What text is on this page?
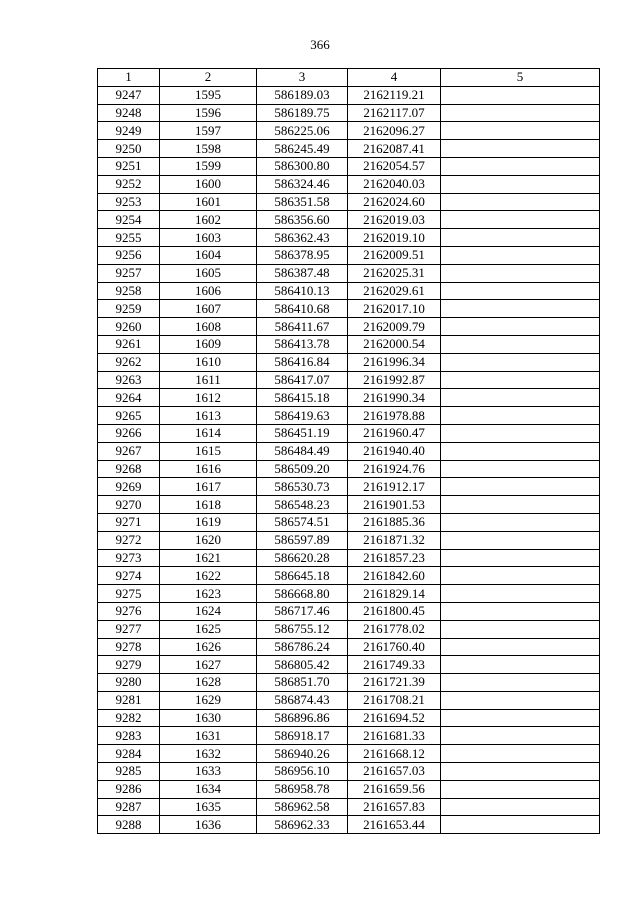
366
1	2	3	4	5
9247	1595	586189.03	2162119.21	
9248	1596	586189.75	2162117.07	
9249	1597	586225.06	2162096.27	
9250	1598	586245.49	2162087.41	
9251	1599	586300.80	2162054.57	
9252	1600	586324.46	2162040.03	
9253	1601	586351.58	2162024.60	
9254	1602	586356.60	2162019.03	
9255	1603	586362.43	2162019.10	
9256	1604	586378.95	2162009.51	
9257	1605	586387.48	2162025.31	
9258	1606	586410.13	2162029.61	
9259	1607	586410.68	2162017.10	
9260	1608	586411.67	2162009.79	
9261	1609	586413.78	2162000.54	
9262	1610	586416.84	2161996.34	
9263	1611	586417.07	2161992.87	
9264	1612	586415.18	2161990.34	
9265	1613	586419.63	2161978.88	
9266	1614	586451.19	2161960.47	
9267	1615	586484.49	2161940.40	
9268	1616	586509.20	2161924.76	
9269	1617	586530.73	2161912.17	
9270	1618	586548.23	2161901.53	
9271	1619	586574.51	2161885.36	
9272	1620	586597.89	2161871.32	
9273	1621	586620.28	2161857.23	
9274	1622	586645.18	2161842.60	
9275	1623	586668.80	2161829.14	
9276	1624	586717.46	2161800.45	
9277	1625	586755.12	2161778.02	
9278	1626	586786.24	2161760.40	
9279	1627	586805.42	2161749.33	
9280	1628	586851.70	2161721.39	
9281	1629	586874.43	2161708.21	
9282	1630	586896.86	2161694.52	
9283	1631	586918.17	2161681.33	
9284	1632	586940.26	2161668.12	
9285	1633	586956.10	2161657.03	
9286	1634	586958.78	2161659.56	
9287	1635	586962.58	2161657.83	
9288	1636	586962.33	2161653.44	
